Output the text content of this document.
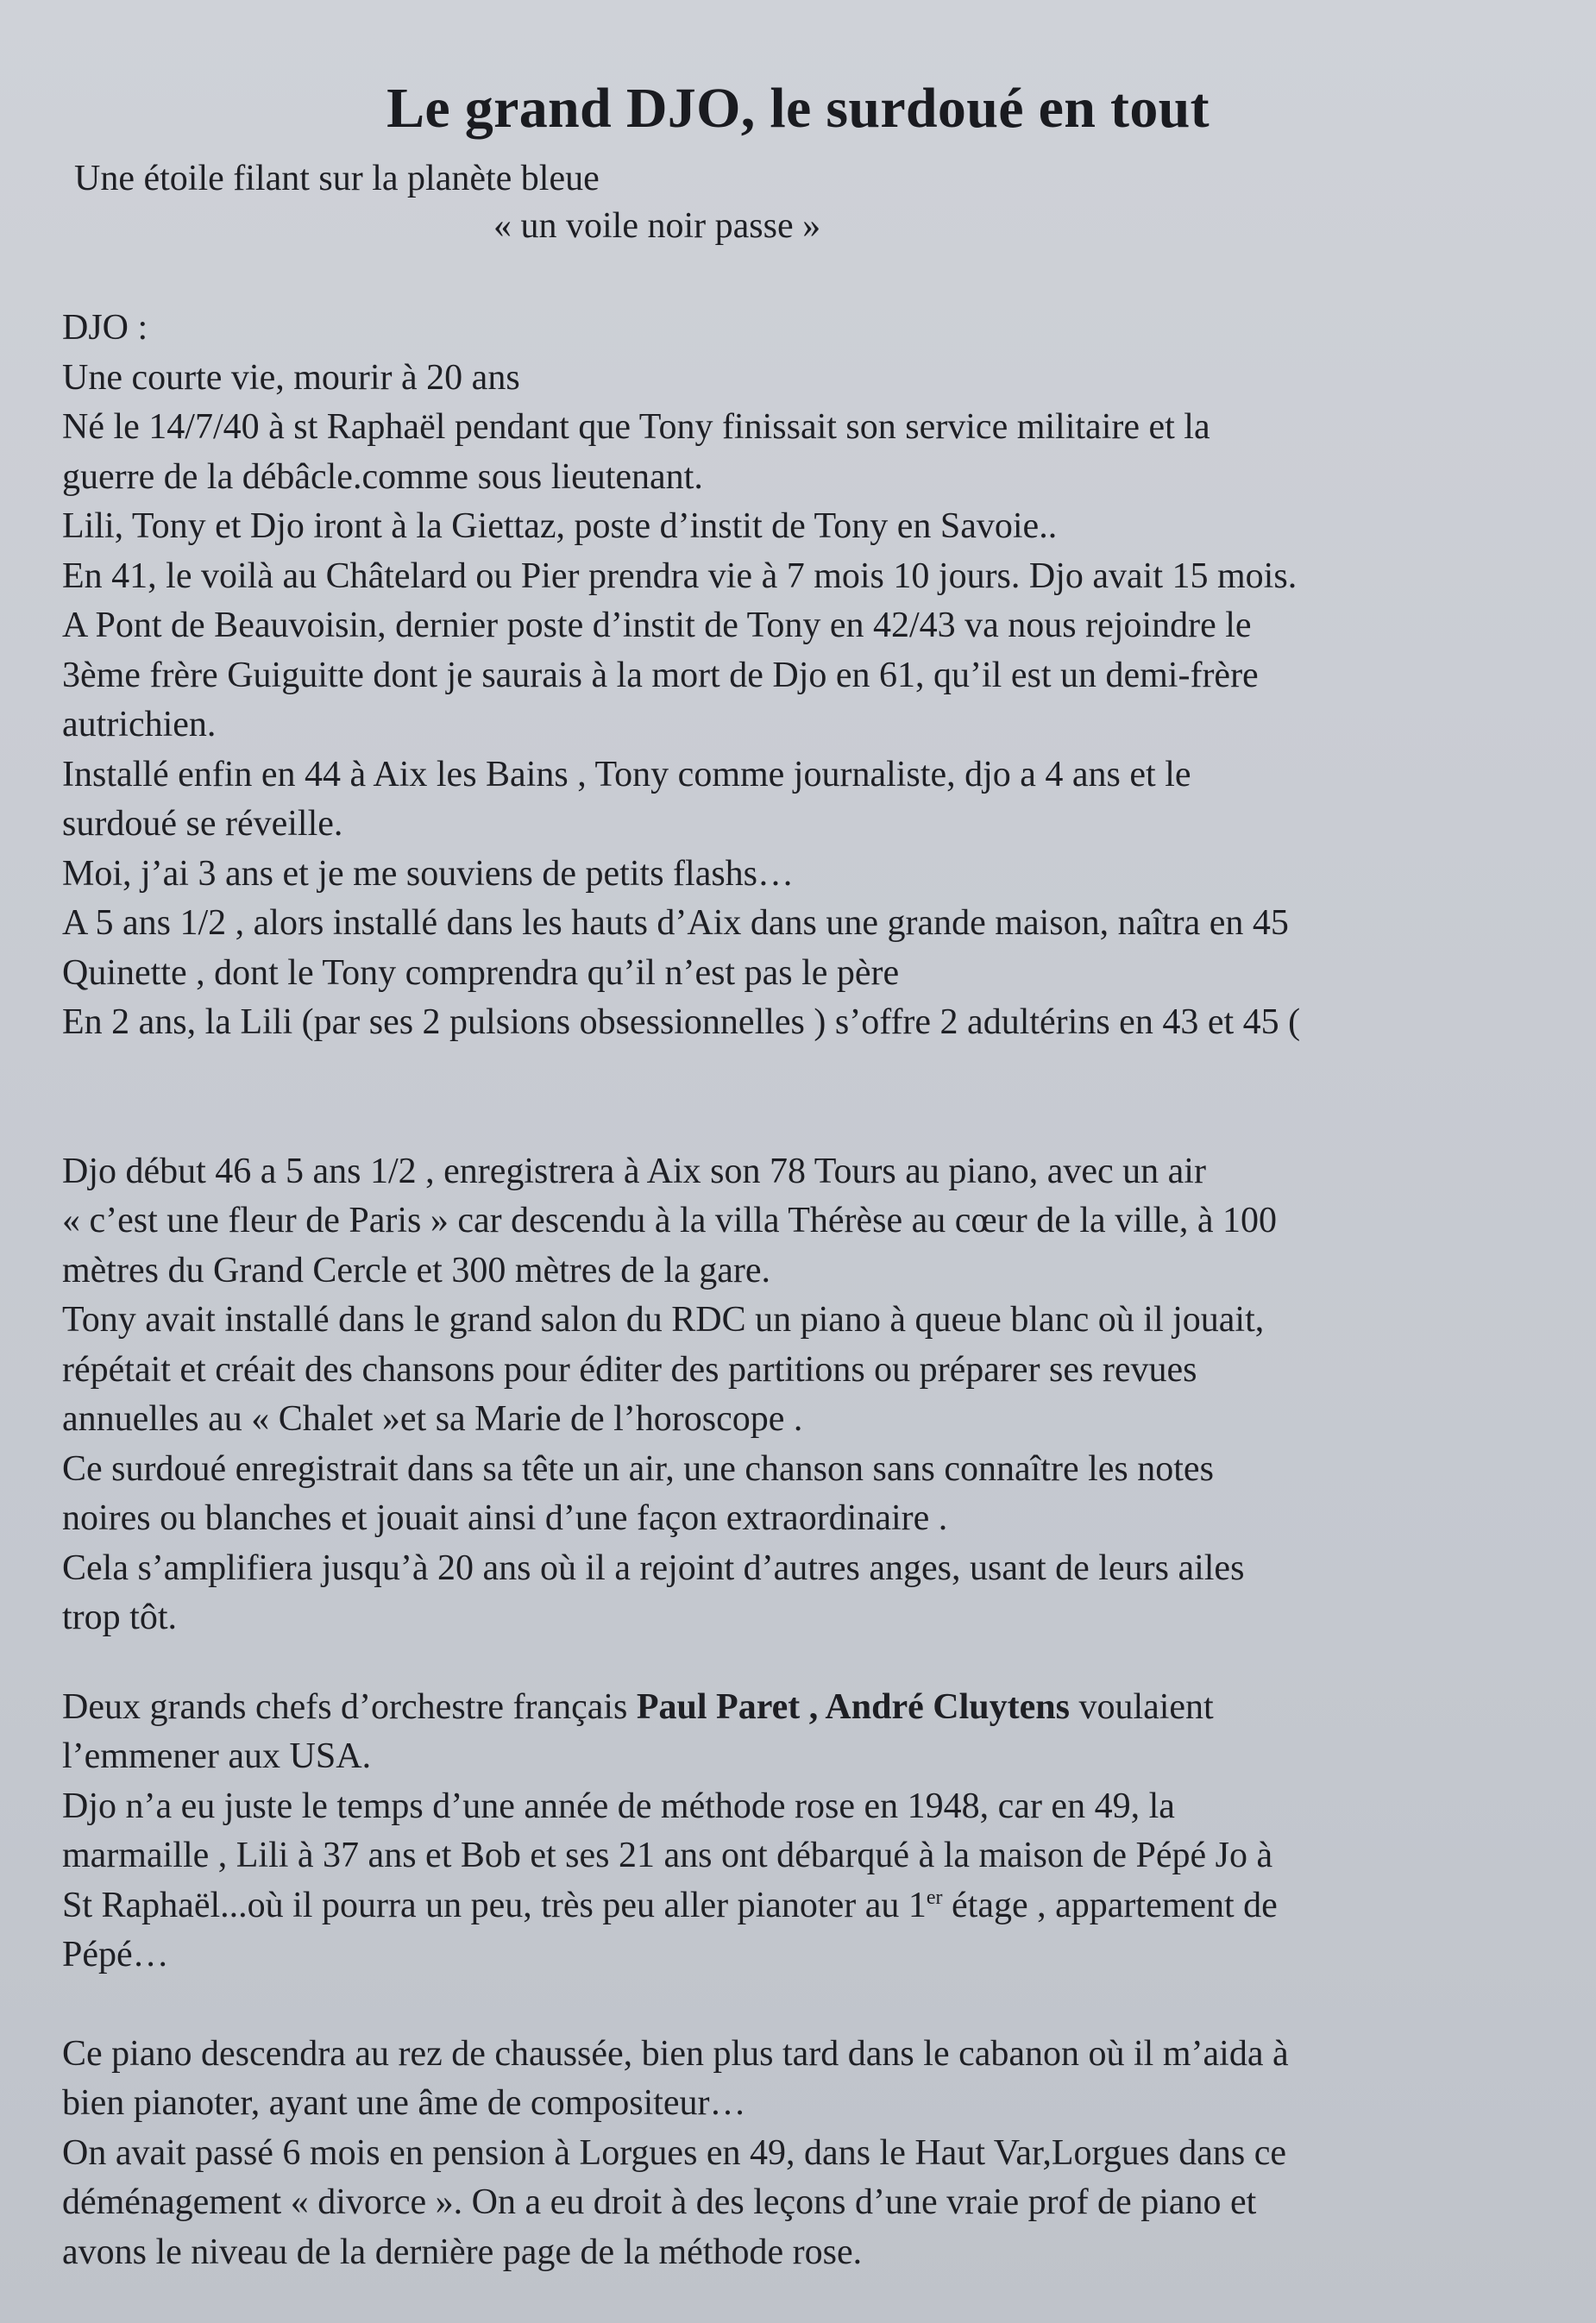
Le grand DJO, le surdoué en tout
Une étoile filant sur la planète bleue
« un voile noir passe »
DJO :
Une courte vie, mourir à 20 ans
Né le 14/7/40 à st Raphaël pendant que Tony finissait son service militaire et la
guerre de la débâcle.comme sous lieutenant.
Lili, Tony et Djo iront à la Giettaz, poste d’instit de Tony en Savoie..
En 41, le voilà au Châtelard ou Pier prendra vie à 7 mois 10 jours. Djo avait 15 mois.
A Pont de Beauvoisin, dernier poste d’instit de Tony en 42/43 va nous rejoindre le
3ème frère Guiguitte dont je saurais à la mort de Djo en 61, qu’il est un demi-frère
autrichien.
Installé enfin en 44 à Aix les Bains , Tony comme journaliste, djo a 4 ans et le
surdoué se réveille.
Moi, j’ai 3 ans et je me souviens de petits flashs…
A 5 ans 1/2 , alors installé dans les hauts d’Aix dans une grande maison, naîtra en 45
Quinette , dont le Tony comprendra qu’il n’est pas le père
En 2 ans, la Lili (par ses 2 pulsions obsessionnelles ) s’offre 2 adultérins en 43 et 45 (
Djo début 46 a 5 ans 1/2 , enregistrera à Aix son 78 Tours au piano, avec un air
« c’est une fleur de Paris » car descendu à la villa Thérèse au cœur de la ville, à 100
mètres du Grand Cercle et 300 mètres de la gare.
Tony avait installé dans le grand salon du RDC un piano à queue blanc où il jouait,
répétait et créait des chansons pour éditer des partitions ou préparer ses revues
annuelles au « Chalet »et sa Marie de l’horoscope .
Ce surdoué enregistrait dans sa tête un air, une chanson sans connaître les notes
noires ou blanches et jouait ainsi d’une façon extraordinaire .
Cela s’amplifiera jusqu’à 20 ans où il a rejoint d’autres anges, usant de leurs ailes
trop tôt.
Deux grands chefs d’orchestre français Paul Paret , André Cluytens voulaient
l’emmener aux USA.
Djo n’a eu juste le temps d’une année de méthode rose en 1948, car en 49, la
marmaille , Lili à 37 ans et Bob et ses 21 ans ont débarqué à la maison de Pépé Jo à
St Raphaël...où il pourra un peu, très peu aller pianoter au 1er étage , appartement de
Pépé…
Ce piano descendra au rez de chaussée, bien plus tard dans le cabanon où il m’aida à
bien pianoter, ayant une âme de compositeur…
On avait passé 6 mois en pension à Lorgues en 49, dans le Haut Var,Lorgues dans ce
déménagement « divorce ». On a eu droit à des leçons d’une vraie prof de piano et
avons le niveau de la dernière page de la méthode rose.
